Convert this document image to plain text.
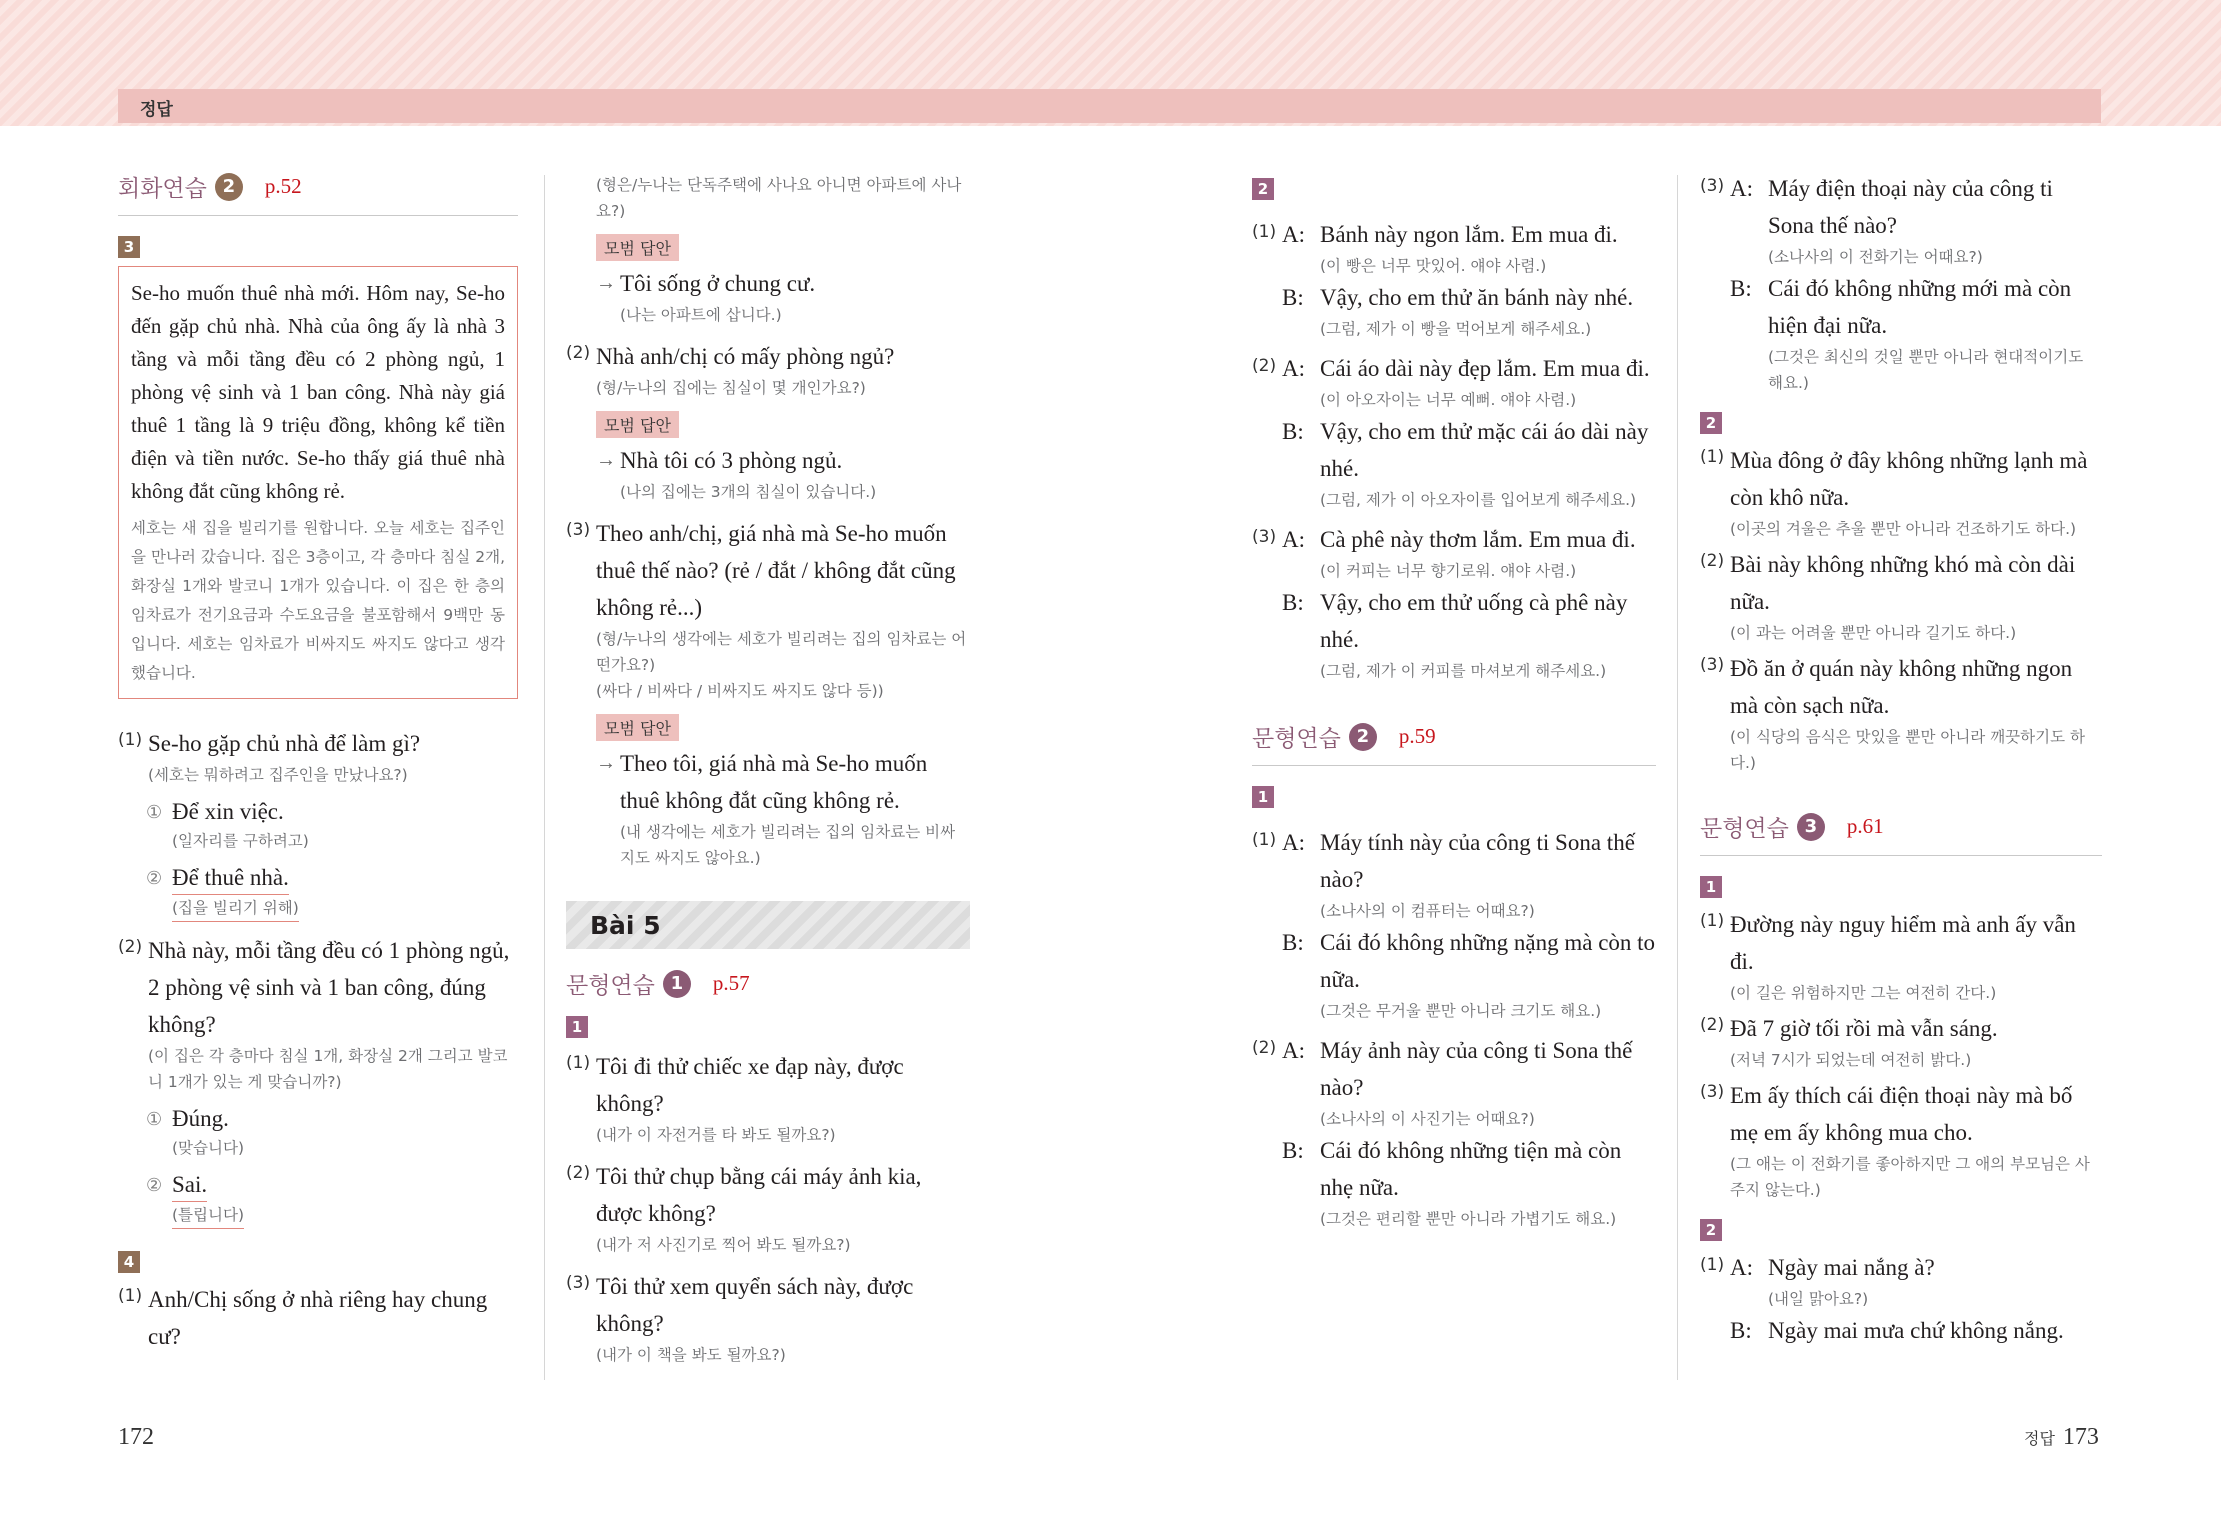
정답
회화연습 2	p.52
3
Se-ho muốn thuê nhà mới. Hôm nay, Se-ho đến gặp chủ nhà. Nhà của ông ấy là nhà 3 tầng và mỗi tầng đều có 2 phòng ngủ, 1 phòng vệ sinh và 1 ban công. Nhà này giá thuê 1 tầng là 9 triệu đồng, không kể tiền điện và tiền nước. Se-ho thấy giá thuê nhà không đắt cũng không rẻ.
세호는 새 집을 빌리기를 원합니다. 오늘 세호는 집주인을 만나러 갔습니다. 집은 3층이고, 각 층마다 침실 2개, 화장실 1개와 발코니 1개가 있습니다. 이 집은 한 층의 임차료가 전기요금과 수도요금을 불포함해서 9백만 동입니다. 세호는 임차료가 비싸지도 싸지도 않다고 생각했습니다.
(1) Se-ho gặp chủ nhà để làm gì?
(세호는 뭐하려고 집주인을 만났나요?)
① Để xin việc.
(일자리를 구하려고)
② Để thuê nhà.
(집을 빌리기 위해)
(2) Nhà này, mỗi tầng đều có 1 phòng ngủ, 2 phòng vệ sinh và 1 ban công, đúng không?
(이 집은 각 층마다 침실 1개, 화장실 2개 그리고 발코니 1개가 있는 게 맞습니까?)
① Đúng.
(맞습니다)
② Sai.
(틀립니다)
4
(1) Anh/Chị sống ở nhà riêng hay chung cư?
(형은/누나는 단독주택에 사나요 아니면 아파트에 사나요?)
모범 답안
→ Tôi sống ở chung cư.
(나는 아파트에 삽니다.)
(2) Nhà anh/chị có mấy phòng ngủ?
(형/누나의 집에는 침실이 몇 개인가요?)
모범 답안
→ Nhà tôi có 3 phòng ngủ.
(나의 집에는 3개의 침실이 있습니다.)
(3) Theo anh/chị, giá nhà mà Se-ho muốn thuê thế nào? (rẻ / đắt / không đắt cũng không rẻ...)
(형/누나의 생각에는 세호가 빌리려는 집의 임차료는 어떤가요?)
(싸다 / 비싸다 / 비싸지도 싸지도 않다 등))
모범 답안
→ Theo tôi, giá nhà mà Se-ho muốn thuê không đắt cũng không rẻ.
(내 생각에는 세호가 빌리려는 집의 임차료는 비싸지도 싸지도 않아요.)
Bài 5
문형연습 1	p.57
1
(1) Tôi đi thử chiếc xe đạp này, được không?
(내가 이 자전거를 타 봐도 될까요?)
(2) Tôi thử chụp bằng cái máy ảnh kia, được không?
(내가 저 사진기로 찍어 봐도 될까요?)
(3) Tôi thử xem quyển sách này, được không?
(내가 이 책을 봐도 될까요?)
2
(1) A: Bánh này ngon lắm. Em mua đi.
(이 빵은 너무 맛있어. 얘야 사렴.)
B: Vậy, cho em thử ăn bánh này nhé.
(그럼, 제가 이 빵을 먹어보게 해주세요.)
(2) A: Cái áo dài này đẹp lắm. Em mua đi.
(이 아오자이는 너무 예뻐. 얘야 사렴.)
B: Vậy, cho em thử mặc cái áo dài này nhé.
(그럼, 제가 이 아오자이를 입어보게 해주세요.)
(3) A: Cà phê này thơm lắm. Em mua đi.
(이 커피는 너무 향기로워. 얘야 사렴.)
B: Vậy, cho em thử uống cà phê này nhé.
(그럼, 제가 이 커피를 마셔보게 해주세요.)
문형연습 2	p.59
1
(1) A: Máy tính này của công ti Sona thế nào?
(소나사의 이 컴퓨터는 어때요?)
B: Cái đó không những nặng mà còn to nữa.
(그것은 무거울 뿐만 아니라 크기도 해요.)
(2) A: Máy ảnh này của công ti Sona thế nào?
(소나사의 이 사진기는 어때요?)
B: Cái đó không những tiện mà còn nhẹ nữa.
(그것은 편리할 뿐만 아니라 가볍기도 해요.)
(3) A: Máy điện thoại này của công ti Sona thế nào?
(소나사의 이 전화기는 어때요?)
B: Cái đó không những mới mà còn hiện đại nữa.
(그것은 최신의 것일 뿐만 아니라 현대적이기도 해요.)
2
(1) Mùa đông ở đây không những lạnh mà còn khô nữa.
(이곳의 겨울은 추울 뿐만 아니라 건조하기도 하다.)
(2) Bài này không những khó mà còn dài nữa.
(이 과는 어려울 뿐만 아니라 길기도 하다.)
(3) Đồ ăn ở quán này không những ngon mà còn sạch nữa.
(이 식당의 음식은 맛있을 뿐만 아니라 깨끗하기도 하다.)
문형연습 3	p.61
1
(1) Đường này nguy hiểm mà anh ấy vẫn đi.
(이 길은 위험하지만 그는 여전히 간다.)
(2) Đã 7 giờ tối rồi mà vẫn sáng.
(저녁 7시가 되었는데 여전히 밝다.)
(3) Em ấy thích cái điện thoại này mà bố mẹ em ấy không mua cho.
(그 애는 이 전화기를 좋아하지만 그 애의 부모님은 사주지 않는다.)
2
(1) A: Ngày mai nắng à?
(내일 맑아요?)
B: Ngày mai mưa chứ không nắng.
172	정답 173
